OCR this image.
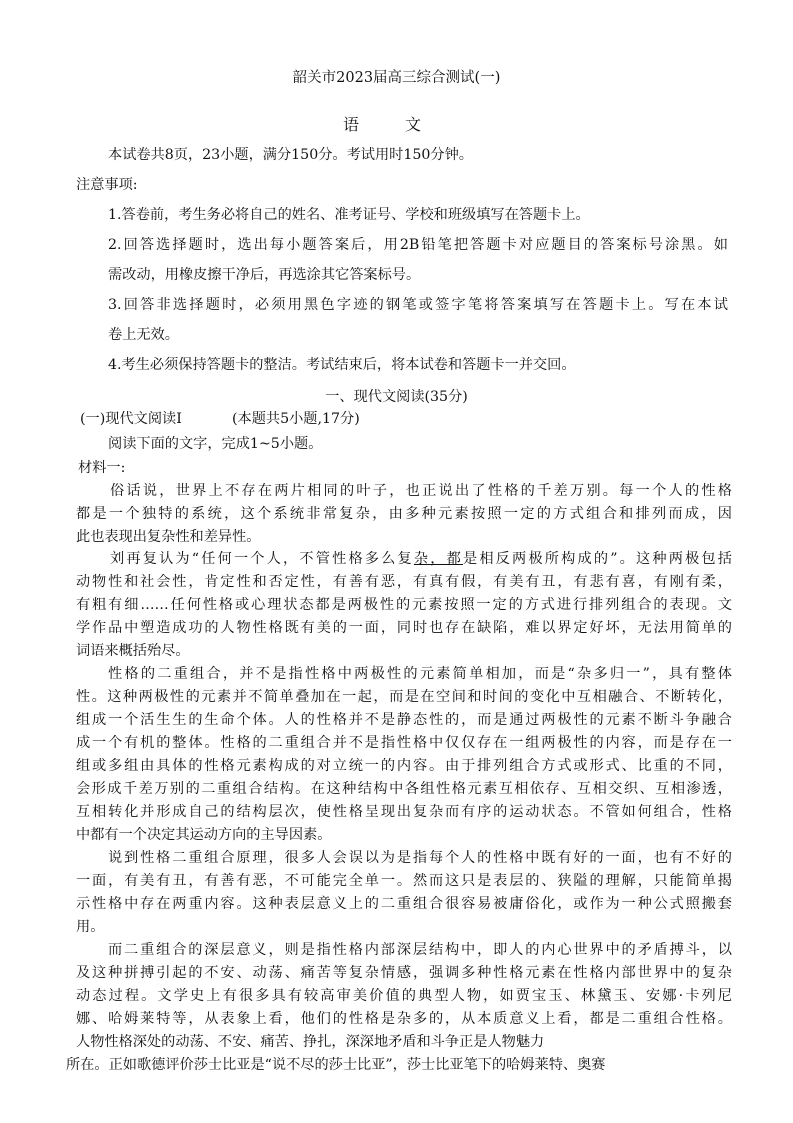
韶关市2023届高三综合测试(一)
语	文
本试卷共8页，23小题，满分150分。考试用时150分钟。
注意事项:
1.答卷前，考生务必将自己的姓名、准考证号、学校和班级填写在答题卡上。
2.回答选择题时，选出每小题答案后，用2B铅笔把答题卡对应题目的答案标号涂黑。如
需改动，用橡皮擦干净后，再选涂其它答案标号。
3.回答非选择题时，必须用黑色字迹的钢笔或签字笔将答案填写在答题卡上。写在本试
卷上无效。
4.考生必须保持答题卡的整洁。考试结束后，将本试卷和答题卡一并交回。
一、现代文阅读(35分)
(一)现代文阅读Ⅰ	(本题共5小题,17分)
阅读下面的文字，完成1~5小题。
材料一:
俗话说，世界上不存在两片相同的叶子，也正说出了性格的千差万别。每一个人的性格
都是一个独特的系统，这个系统非常复杂，由多种元素按照一定的方式组合和排列而成，因
此也表现出复杂性和差异性。
刘再复认为“任何一个人，不管性格多么复杂，都是相反两极所构成的”。这种两极包括
动物性和社会性，肯定性和否定性，有善有恶，有真有假，有美有丑，有悲有喜，有刚有柔，
有粗有细……任何性格或心理状态都是两极性的元素按照一定的方式进行排列组合的表现。文
学作品中塑造成功的人物性格既有美的一面，同时也存在缺陷，难以界定好坏，无法用简单的
词语来概括殆尽。
性格的二重组合，并不是指性格中两极性的元素简单相加，而是“杂多归一”，具有整体
性。这种两极性的元素并不简单叠加在一起，而是在空间和时间的变化中互相融合、不断转化，
组成一个活生生的生命个体。人的性格并不是静态性的，而是通过两极性的元素不断斗争融合
成一个有机的整体。性格的二重组合并不是指性格中仅仅存在一组两极性的内容，而是存在一
组或多组由具体的性格元素构成的对立统一的内容。由于排列组合方式或形式、比重的不同，
会形成千差万别的二重组合结构。在这种结构中各组性格元素互相依存、互相交织、互相渗透，
互相转化并形成自己的结构层次，使性格呈现出复杂而有序的运动状态。不管如何组合，性格
中都有一个决定其运动方向的主导因素。
说到性格二重组合原理，很多人会误以为是指每个人的性格中既有好的一面，也有不好的
一面，有美有丑，有善有恶，不可能完全单一。然而这只是表层的、狭隘的理解，只能简单揭
示性格中存在两重内容。这种表层意义上的二重组合很容易被庸俗化，或作为一种公式照搬套
用。
而二重组合的深层意义，则是指性格内部深层结构中，即人的内心世界中的矛盾搏斗，以
及这种拼搏引起的不安、动荡、痛苦等复杂情感，强调多种性格元素在性格内部世界中的复杂
动态过程。文学史上有很多具有较高审美价值的典型人物，如贾宝玉、林黛玉、安娜·卡列尼
娜、哈姆莱特等，从表象上看，他们的性格是杂多的，从本质意义上看，都是二重组合性格。
人物性格深处的动荡、不安、痛苦、挣扎，深深地矛盾和斗争正是人物魅力
所在。正如歌德评价莎士比亚是“说不尽的莎士比亚”，莎士比亚笔下的哈姆莱特、奥赛
